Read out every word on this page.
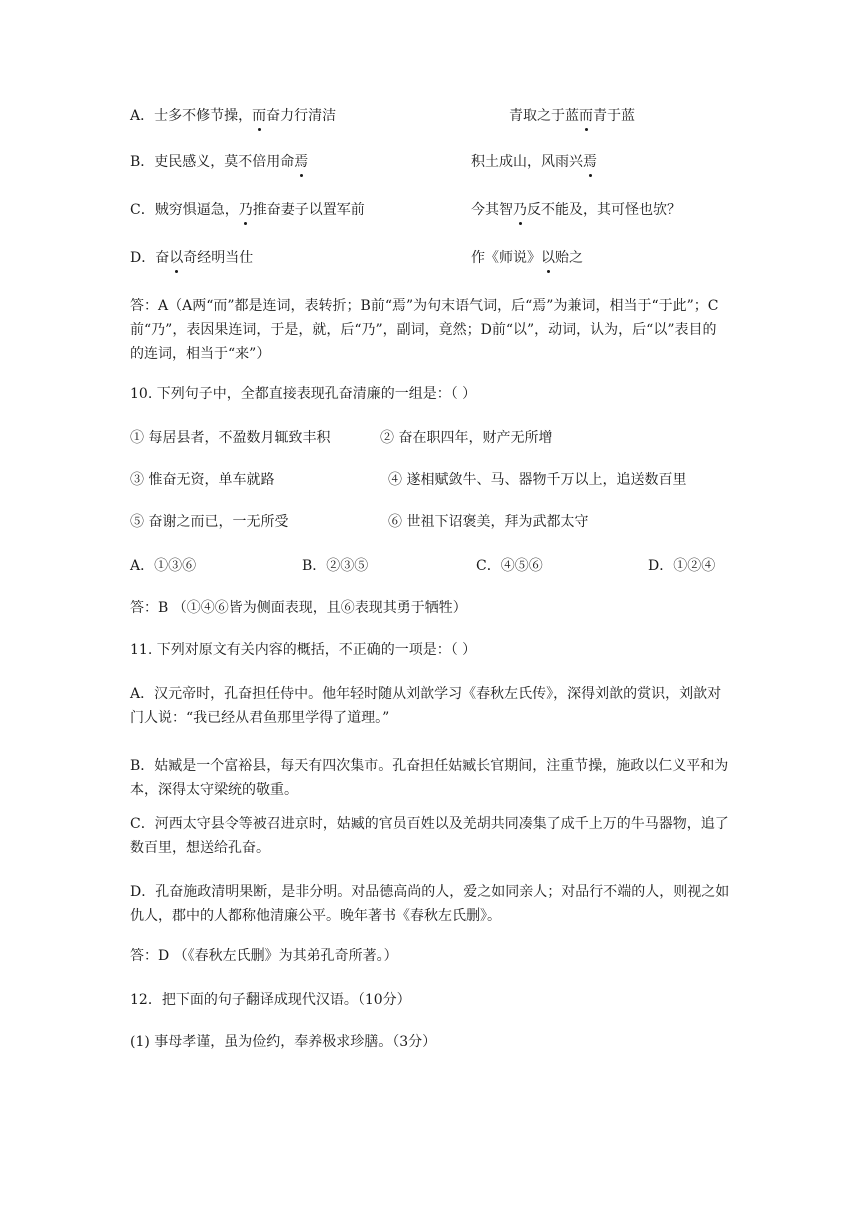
A．士多不修节操，而奋力行清洁	青取之于蓝而青于蓝
B．吏民感义，莫不倍用命焉	积土成山，风雨兴焉
C．贼穷惧逼急，乃推奋妻子以置军前	今其智乃反不能及，其可怪也欤？
D．奋以奇经明当仕	作《师说》以贻之
答：A（A两“而”都是连词，表转折；B前“焉”为句末语气词，后“焉”为兼词，相当于“于此”；C前“乃”，表因果连词，于是，就，后“乃”，副词，竟然；D前“以”，动词，认为，后“以”表目的的连词，相当于“来”）
10. 下列句子中，全都直接表现孔奋清廉的一组是：（ ）
① 每居县者，不盈数月辄致丰积	② 奋在职四年，财产无所增
③ 惟奋无资，单车就路	④ 遂相赋敛牛、马、器物千万以上，追送数百里
⑤ 奋谢之而已，一无所受	⑥ 世祖下诏褒美，拜为武都太守
A．①③⑥	B．②③⑤	C．④⑤⑥	D．①②④
答：B （①④⑥皆为侧面表现，且⑥表现其勇于牺牲）
11. 下列对原文有关内容的概括，不正确的一项是：（ ）
A．汉元帝时，孔奋担任侍中。他年轻时随从刘歆学习《春秋左氏传》，深得刘歆的赏识，刘歆对门人说：“我已经从君鱼那里学得了道理。”
B．姑臧是一个富裕县，每天有四次集市。孔奋担任姑臧长官期间，注重节操，施政以仁义平和为本，深得太守梁统的敬重。
C．河西太守县令等被召进京时，姑臧的官员百姓以及羌胡共同凑集了成千上万的牛马器物，追了数百里，想送给孔奋。
D．孔奋施政清明果断，是非分明。对品德高尚的人，爱之如同亲人；对品行不端的人，则视之如仇人，郡中的人都称他清廉公平。晚年著书《春秋左氏删》。
答：D （《春秋左氏删》为其弟孔奇所著。）
12．把下面的句子翻译成现代汉语。（10分）
(1) 事母孝谨，虽为俭约，奉养极求珍膳。（3分）
